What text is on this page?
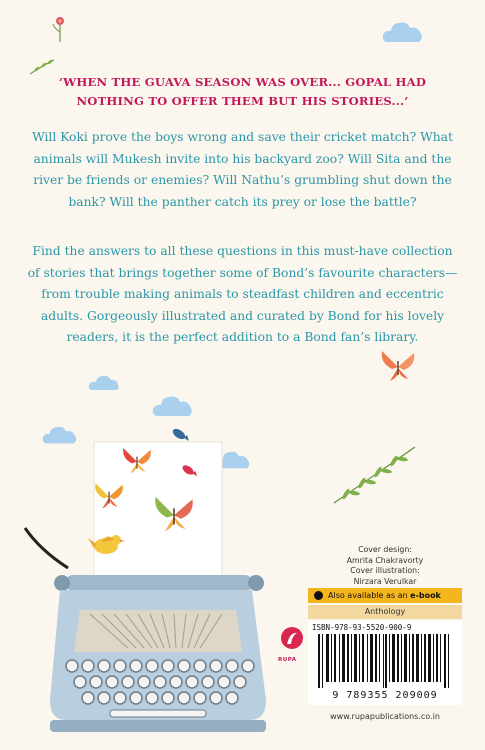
‘WHEN THE GUAVA SEASON WAS OVER... GOPAL HAD NOTHING TO OFFER THEM BUT HIS STORIES...’
Will Koki prove the boys wrong and save their cricket match? What animals will Mukesh invite into his backyard zoo? Will Sita and the river be friends or enemies? Will Nathu’s grumbling shut down the bank? Will the panther catch its prey or lose the battle?
Find the answers to all these questions in this must-have collection of stories that brings together some of Bond’s favourite characters—from trouble making animals to steadfast children and eccentric adults. Gorgeously illustrated and curated by Bond for his lovely readers, it is the perfect addition to a Bond fan’s library.
Cover design:
Amrita Chakravorty
Cover illustration:
Nirzara Verulkar
Also available as an
e-book
Anthology
RUPA
ISBN-978-93-5520-900-9
9 789355 209009
www.rupapublications.co.in
